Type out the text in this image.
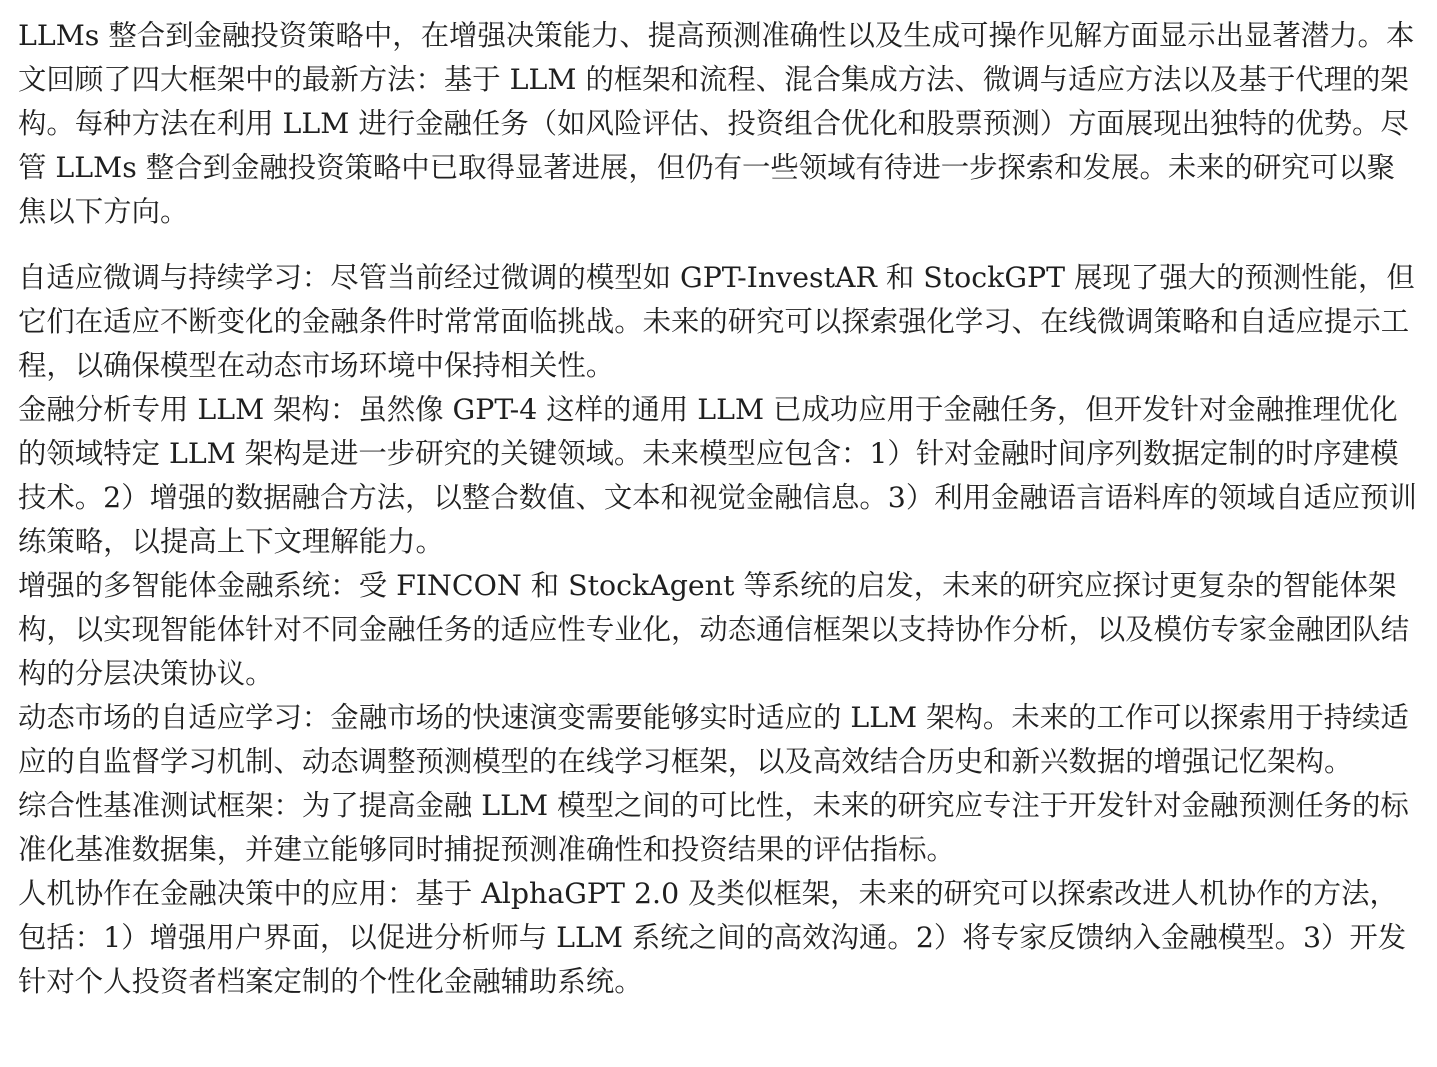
LLMs 整合到金融投资策略中，在增强决策能力、提高预测准确性以及生成可操作见解方面显示出显著潜力。本文回顾了四大框架中的最新方法：基于 LLM 的框架和流程、混合集成方法、微调与适应方法以及基于代理的架构。每种方法在利用 LLM 进行金融任务（如风险评估、投资组合优化和股票预测）方面展现出独特的优势。尽管 LLMs 整合到金融投资策略中已取得显著进展，但仍有一些领域有待进一步探索和发展。未来的研究可以聚焦以下方向。

自适应微调与持续学习：尽管当前经过微调的模型如 GPT-InvestAR 和 StockGPT 展现了强大的预测性能，但它们在适应不断变化的金融条件时常常面临挑战。未来的研究可以探索强化学习、在线微调策略和自适应提示工程，以确保模型在动态市场环境中保持相关性。

金融分析专用 LLM 架构：虽然像 GPT-4 这样的通用 LLM 已成功应用于金融任务，但开发针对金融推理优化的领域特定 LLM 架构是进一步研究的关键领域。未来模型应包含：1）针对金融时间序列数据定制的时序建模技术。2）增强的数据融合方法，以整合数值、文本和视觉金融信息。3）利用金融语言语料库的领域自适应预训练策略，以提高上下文理解能力。

增强的多智能体金融系统：受 FINCON 和 StockAgent 等系统的启发，未来的研究应探讨更复杂的智能体架构，以实现智能体针对不同金融任务的适应性专业化，动态通信框架以支持协作分析，以及模仿专家金融团队结构的分层决策协议。

动态市场的自适应学习：金融市场的快速演变需要能够实时适应的 LLM 架构。未来的工作可以探索用于持续适应的自监督学习机制、动态调整预测模型的在线学习框架，以及高效结合历史和新兴数据的增强记忆架构。

综合性基准测试框架：为了提高金融 LLM 模型之间的可比性，未来的研究应专注于开发针对金融预测任务的标准化基准数据集，并建立能够同时捕捉预测准确性和投资结果的评估指标。

人机协作在金融决策中的应用：基于 AlphaGPT 2.0 及类似框架，未来的研究可以探索改进人机协作的方法，包括：1）增强用户界面，以促进分析师与 LLM 系统之间的高效沟通。2）将专家反馈纳入金融模型。3）开发针对个人投资者档案定制的个性化金融辅助系统。
